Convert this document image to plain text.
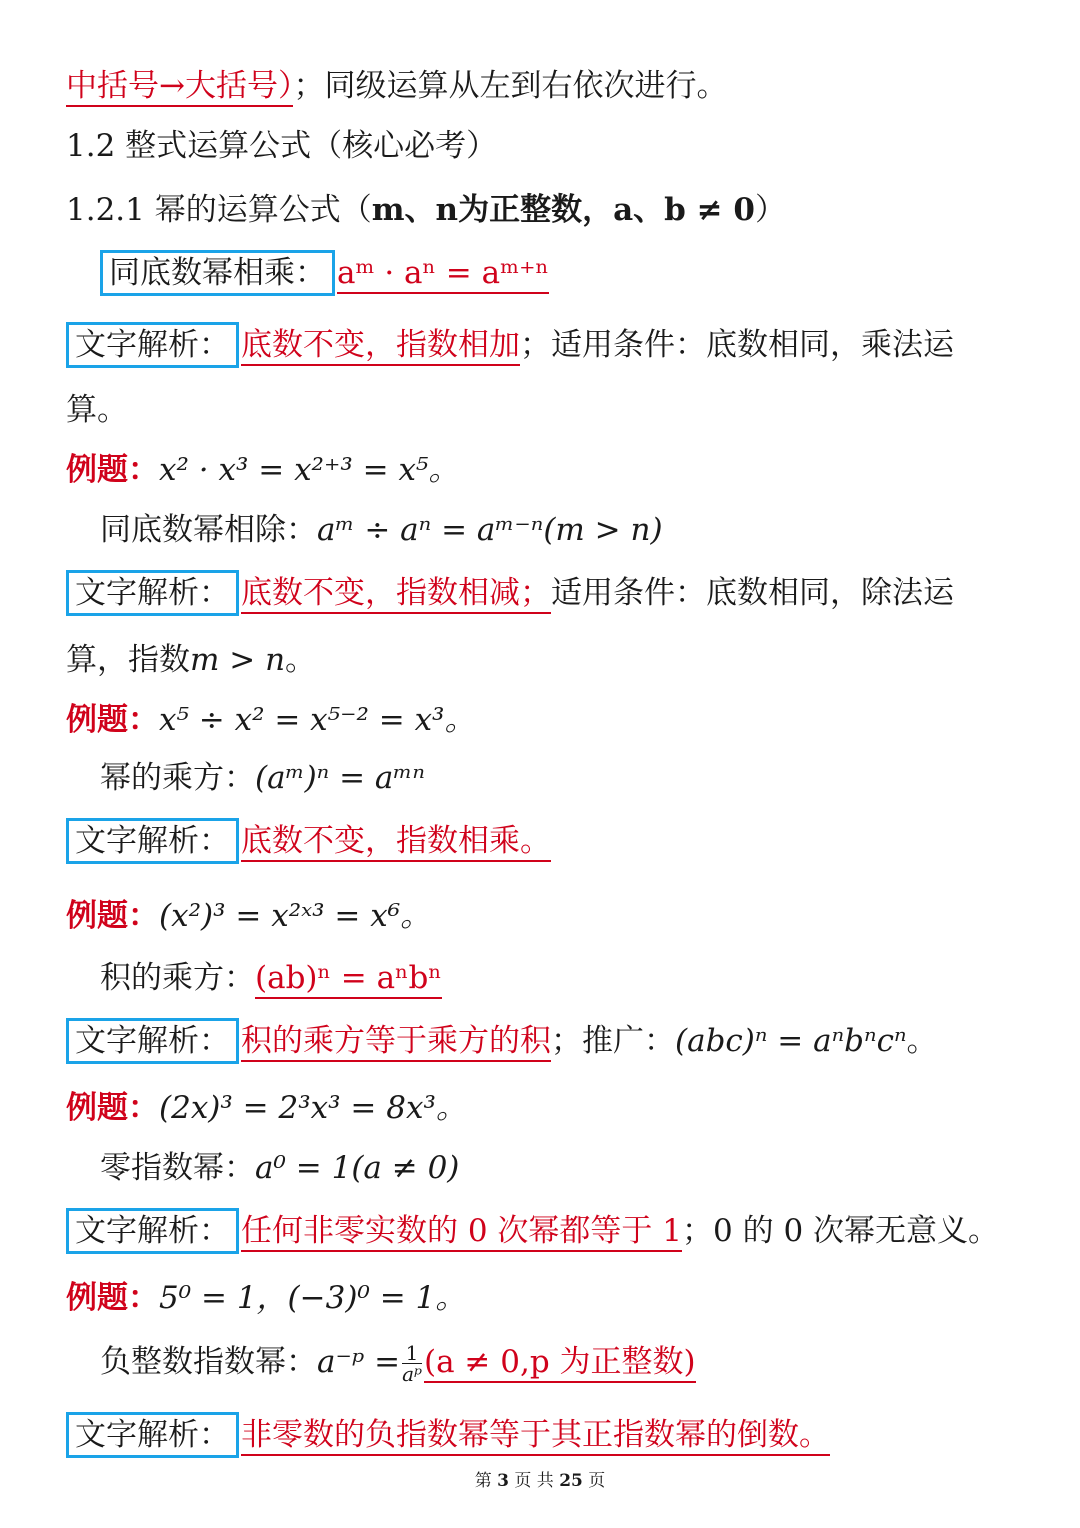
中括号→大括号）；同级运算从左到右依次进行。
1.2 整式运算公式（核心必考）
1.2.1 幂的运算公式（m、n为正整数，a、b ≠ 0）
同底数幂相乘： aᵐ · aⁿ = aᵐ⁺ⁿ
文字解析： 底数不变，指数相加；适用条件：底数相同，乘法运
算。
例题：x² · x³ = x²⁺³ = x⁵。
同底数幂相除：aᵐ ÷ aⁿ = aᵐ⁻ⁿ(m > n)
文字解析： 底数不变，指数相减；适用条件：底数相同，除法运
算，指数m > n。
例题：x⁵ ÷ x² = x⁵⁻² = x³。
幂的乘方：(aᵐ)ⁿ = aᵐⁿ
文字解析： 底数不变，指数相乘。
例题：(x²)³ = x²ˣ³ = x⁶。
积的乘方：(ab)ⁿ = aⁿbⁿ
文字解析： 积的乘方等于乘方的积；推广：(abc)ⁿ = aⁿbⁿcⁿ。
例题：(2x)³ = 2³x³ = 8x³。
零指数幂：a⁰ = 1(a ≠ 0)
文字解析： 任何非零实数的 0 次幂都等于 1；0 的 0 次幂无意义。
例题：5⁰ = 1，(−3)⁰ = 1。
负整数指数幂：a⁻ᵖ = $\frac{1}{\text{aᵖ}} (a \ne 0,p$ 为正整数)
文字解析： 非零数的负指数幂等于其正指数幂的倒数。
第 3 页 共 25 页
